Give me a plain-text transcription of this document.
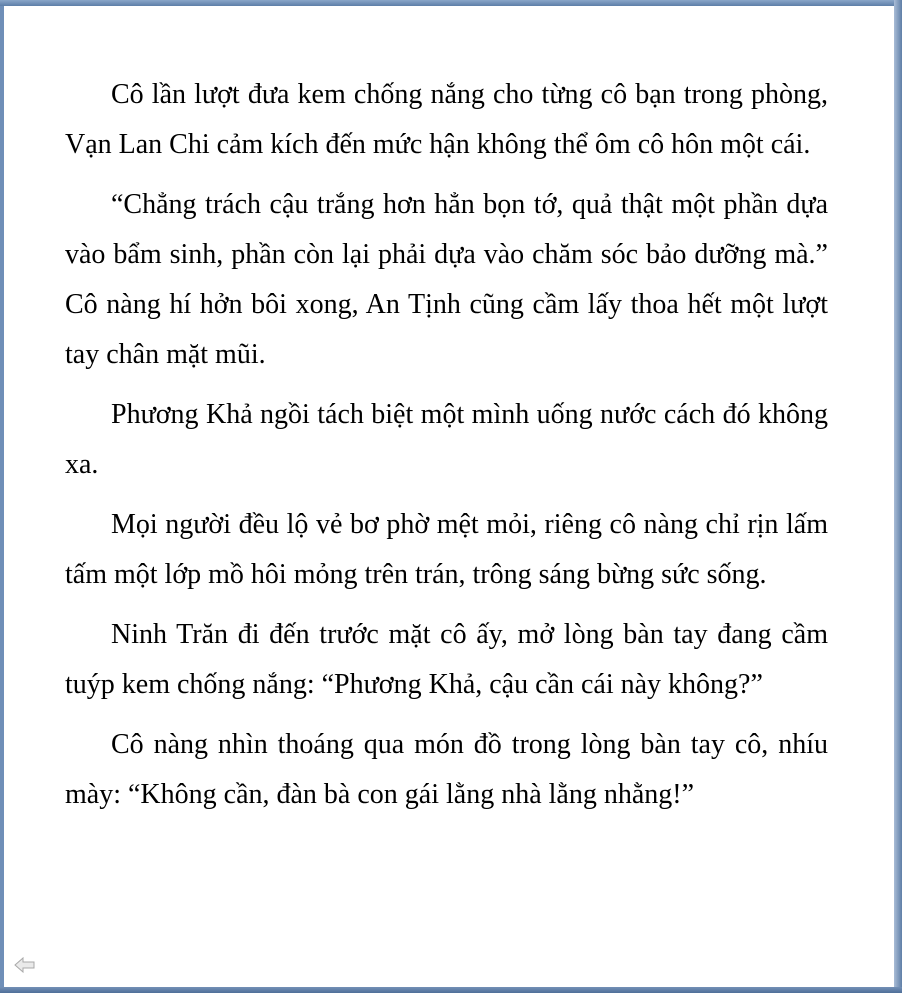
Cô lần lượt đưa kem chống nắng cho từng cô bạn trong phòng, Vạn Lan Chi cảm kích đến mức hận không thể ôm cô hôn một cái.

“Chẳng trách cậu trắng hơn hẳn bọn tớ, quả thật một phần dựa vào bẩm sinh, phần còn lại phải dựa vào chăm sóc bảo dưỡng mà.” Cô nàng hí hởn bôi xong, An Tịnh cũng cầm lấy thoa hết một lượt tay chân mặt mũi.

Phương Khả ngồi tách biệt một mình uống nước cách đó không xa.

Mọi người đều lộ vẻ bơ phờ mệt mỏi, riêng cô nàng chỉ rịn lấm tấm một lớp mồ hôi mỏng trên trán, trông sáng bừng sức sống.

Ninh Trăn đi đến trước mặt cô ấy, mở lòng bàn tay đang cầm tuýp kem chống nắng: “Phương Khả, cậu cần cái này không?”

Cô nàng nhìn thoáng qua món đồ trong lòng bàn tay cô, nhíu mày: “Không cần, đàn bà con gái lằng nhà lằng nhằng!”
